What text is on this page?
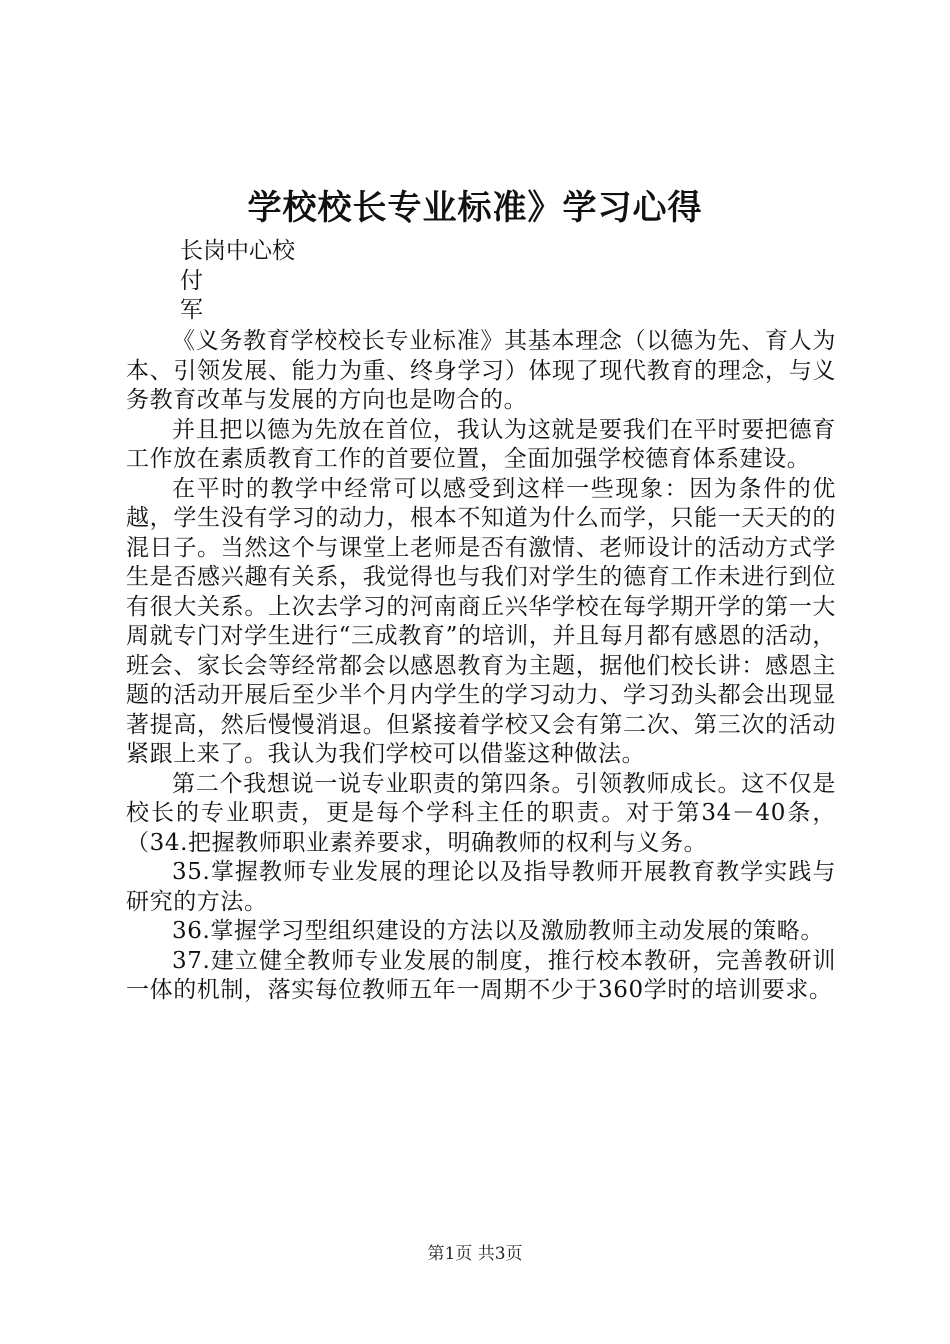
学校校长专业标准》学习心得
长岗中心校
付
军

《义务教育学校校长专业标准》其基本理念（以德为先、育人为本、引领发展、能力为重、终身学习）体现了现代教育的理念，与义务教育改革与发展的方向也是吻合的。

并且把以德为先放在首位，我认为这就是要我们在平时要把德育工作放在素质教育工作的首要位置，全面加强学校德育体系建设。

在平时的教学中经常可以感受到这样一些现象：因为条件的优越，学生没有学习的动力，根本不知道为什么而学，只能一天天的的混日子。当然这个与课堂上老师是否有激情、老师设计的活动方式学生是否感兴趣有关系，我觉得也与我们对学生的德育工作未进行到位有很大关系。上次去学习的河南商丘兴华学校在每学期开学的第一大周就专门对学生进行“三成教育”的培训，并且每月都有感恩的活动，班会、家长会等经常都会以感恩教育为主题，据他们校长讲：感恩主题的活动开展后至少半个月内学生的学习动力、学习劲头都会出现显著提高，然后慢慢消退。但紧接着学校又会有第二次、第三次的活动紧跟上来了。我认为我们学校可以借鉴这种做法。

第二个我想说一说专业职责的第四条。引领教师成长。这不仅是校长的专业职责，更是每个学科主任的职责。对于第34－40条，（34.把握教师职业素养要求，明确教师的权利与义务。

35.掌握教师专业发展的理论以及指导教师开展教育教学实践与研究的方法。

36.掌握学习型组织建设的方法以及激励教师主动发展的策略。

37.建立健全教师专业发展的制度，推行校本教研，完善教研训一体的机制，落实每位教师五年一周期不少于360学时的培训要求。

第1页 共3页
